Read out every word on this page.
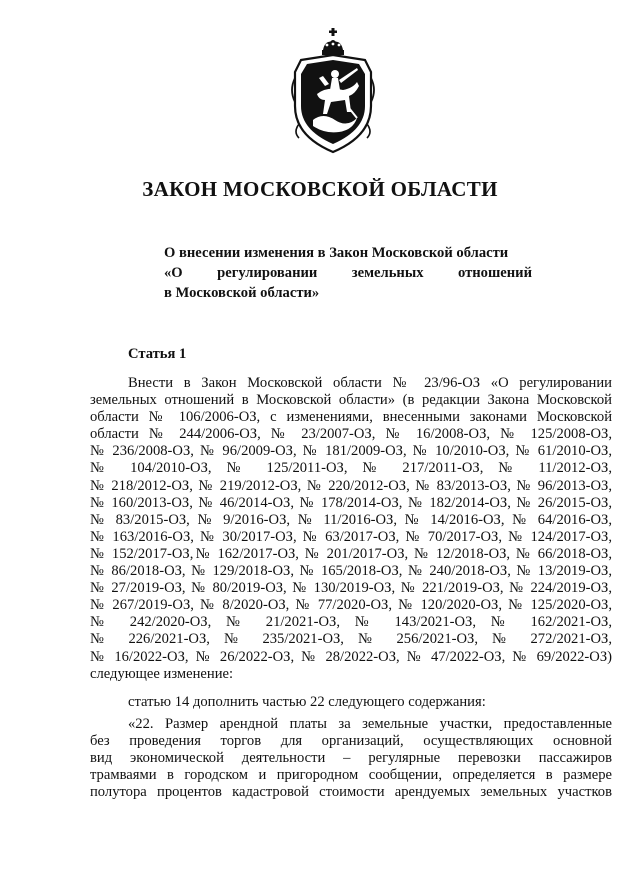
ЗАКОН МОСКОВСКОЙ ОБЛАСТИ
О внесении изменения в Закон Московской области
«О регулировании земельных отношений
в Московской области»
Статья 1
Внести в Закон Московской области № 23/96-ОЗ «О регулировании
земельных отношений в Московской области» (в редакции Закона Московской
области № 106/2006-ОЗ, с изменениями, внесенными законами Московской
области № 244/2006-ОЗ, № 23/2007-ОЗ, № 16/2008-ОЗ, № 125/2008-ОЗ,
№ 236/2008-ОЗ, № 96/2009-ОЗ, № 181/2009-ОЗ, № 10/2010-ОЗ, № 61/2010-ОЗ,
№ 104/2010-ОЗ, № 125/2011-ОЗ, № 217/2011-ОЗ, № 11/2012-ОЗ,
№ 218/2012-ОЗ, № 219/2012-ОЗ, № 220/2012-ОЗ, № 83/2013-ОЗ, № 96/2013-ОЗ,
№ 160/2013-ОЗ, № 46/2014-ОЗ, № 178/2014-ОЗ, № 182/2014-ОЗ, № 26/2015-ОЗ,
№ 83/2015-ОЗ, № 9/2016-ОЗ, № 11/2016-ОЗ, № 14/2016-ОЗ, № 64/2016-ОЗ,
№ 163/2016-ОЗ, № 30/2017-ОЗ, № 63/2017-ОЗ, № 70/2017-ОЗ, № 124/2017-ОЗ,
№ 152/2017-ОЗ,№ 162/2017-ОЗ, № 201/2017-ОЗ, № 12/2018-ОЗ, № 66/2018-ОЗ,
№ 86/2018-ОЗ, № 129/2018-ОЗ, № 165/2018-ОЗ, № 240/2018-ОЗ, № 13/2019-ОЗ,
№ 27/2019-ОЗ, № 80/2019-ОЗ, № 130/2019-ОЗ, № 221/2019-ОЗ, № 224/2019-ОЗ,
№ 267/2019-ОЗ, № 8/2020-ОЗ, № 77/2020-ОЗ, № 120/2020-ОЗ, № 125/2020-ОЗ,
№ 242/2020-ОЗ, № 21/2021-ОЗ, № 143/2021-ОЗ, № 162/2021-ОЗ,
№ 226/2021-ОЗ, № 235/2021-ОЗ, № 256/2021-ОЗ, № 272/2021-ОЗ,
№ 16/2022-ОЗ, № 26/2022-ОЗ, № 28/2022-ОЗ, № 47/2022-ОЗ, № 69/2022-ОЗ)
следующее изменение:
статью 14 дополнить частью 22 следующего содержания:
«22. Размер арендной платы за земельные участки, предоставленные
без проведения торгов для организаций, осуществляющих основной
вид экономической деятельности – регулярные перевозки пассажиров
трамваями в городском и пригородном сообщении, определяется в размере
полутора процентов кадастровой стоимости арендуемых земельных участков
